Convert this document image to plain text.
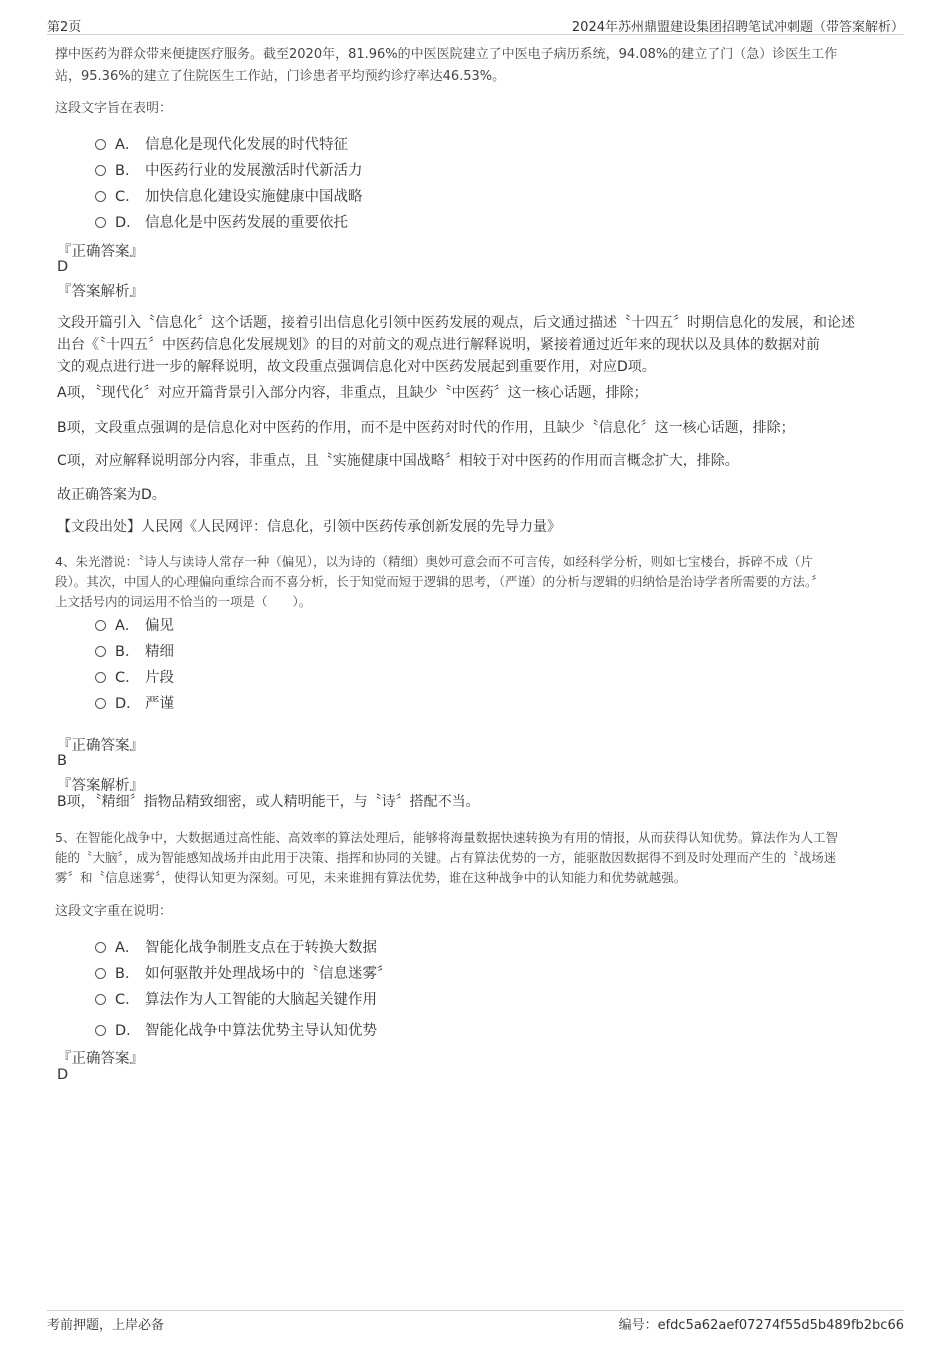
第2页	2024年苏州鼎盟建设集团招聘笔试冲刺题（带答案解析）
撑中医药为群众带来便捷医疗服务。截至2020年，81.96%的中医医院建立了中医电子病历系统，94.08%的建立了门（急）诊医生工作
站，95.36%的建立了住院医生工作站，门诊患者平均预约诊疗率达46.53%。
这段文字旨在表明：
A． 信息化是现代化发展的时代特征
B． 中医药行业的发展激活时代新活力
C． 加快信息化建设实施健康中国战略
D． 信息化是中医药发展的重要依托
『正确答案』
D
『答案解析』
文段开篇引入〝信息化〞这个话题，接着引出信息化引领中医药发展的观点，后文通过描述〝十四五〞时期信息化的发展，和论述
出台《〝十四五〞中医药信息化发展规划》的目的对前文的观点进行解释说明，紧接着通过近年来的现状以及具体的数据对前
文的观点进行进一步的解释说明，故文段重点强调信息化对中医药发展起到重要作用，对应D项。
A项，〝现代化〞对应开篇背景引入部分内容，非重点，且缺少〝中医药〞这一核心话题，排除；
B项，文段重点强调的是信息化对中医药的作用，而不是中医药对时代的作用，且缺少〝信息化〞这一核心话题，排除；
C项，对应解释说明部分内容，非重点，且〝实施健康中国战略〞相较于对中医药的作用而言概念扩大，排除。
故正确答案为D。
【文段出处】人民网《人民网评：信息化，引领中医药传承创新发展的先导力量》
4、朱光潜说：〝诗人与读诗人常存一种（偏见），以为诗的（精细）奥妙可意会而不可言传，如经科学分析，则如七宝楼台，拆碎不成（片
段）。其次，中国人的心理偏向重综合而不喜分析，长于知觉而短于逻辑的思考，（严谨）的分析与逻辑的归纳恰是治诗学者所需要的方法。〞
上文括号内的词运用不恰当的一项是（　　）。
A． 偏见
B． 精细
C． 片段
D． 严谨
『正确答案』
B
『答案解析』
B项，〝精细〞指物品精致细密，或人精明能干，与〝诗〞搭配不当。
5、在智能化战争中，大数据通过高性能、高效率的算法处理后，能够将海量数据快速转换为有用的情报，从而获得认知优势。算法作为人工智
能的〝大脑〞，成为智能感知战场并由此用于决策、指挥和协同的关键。占有算法优势的一方，能驱散因数据得不到及时处理而产生的〝战场迷
雾〞和〝信息迷雾〞，使得认知更为深刻。可见，未来谁拥有算法优势，谁在这种战争中的认知能力和优势就越强。
这段文字重在说明：
A． 智能化战争制胜支点在于转换大数据
B． 如何驱散并处理战场中的〝信息迷雾〞
C． 算法作为人工智能的大脑起关键作用
D． 智能化战争中算法优势主导认知优势
『正确答案』
D
考前押题，上岸必备	编号：efdc5a62aef07274f55d5b489fb2bc66
